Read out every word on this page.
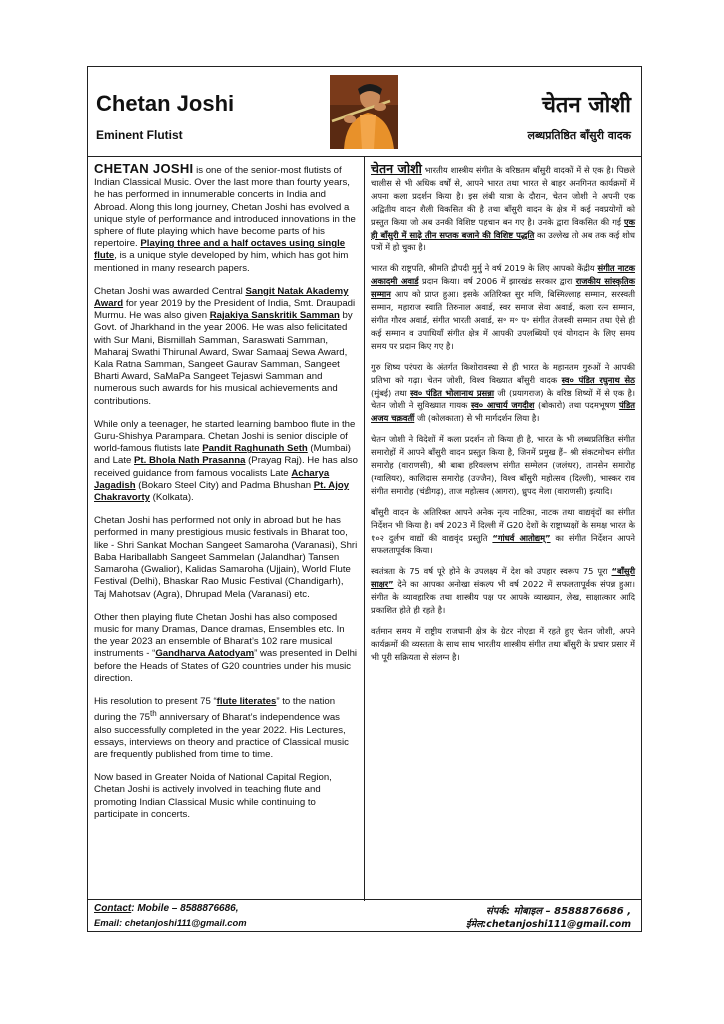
Chetan Joshi
Eminent Flutist
चेतन जोशी
लब्धप्रतिष्ठित बाँसुरी वादक

CHETAN JOSHI is one of the senior-most flutists of Indian Classical Music. Over the last more than fourty years, he has performed in innumerable concerts in India and Abroad. Along this long journey, Chetan Joshi has evolved a unique style of performance and introduced innovations in the sphere of flute playing which have become parts of his repertoire. Playing three and a half octaves using single flute, is a unique style developed by him, which has got him mentioned in many research papers.

Chetan Joshi was awarded Central Sangit Natak Akademy Award for year 2019 by the President of India, Smt. Draupadi Murmu. He was also given Rajakiya Sanskritik Samman by Govt. of Jharkhand in the year 2006. He was also felicitated with Sur Mani, Bismillah Samman, Saraswati Samman, Maharaj Swathi Thirunal Award, Swar Samaaj Sewa Award, Kala Ratna Samman, Sangeet Gaurav Samman, Sangeet Bharti Award, SaMaPa Sangeet Tejaswi Samman and numerous such awards for his musical achievements and contributions.

While only a teenager, he started learning bamboo flute in the Guru-Shishya Parampara. Chetan Joshi is senior disciple of world-famous flutists late Pandit Raghunath Seth (Mumbai) and Late Pt. Bhola Nath Prasanna (Prayag Raj). He has also received guidance from famous vocalists Late Acharya Jagadish (Bokaro Steel City) and Padma Bhushan Pt. Ajoy Chakravorty (Kolkata).

Chetan Joshi has performed not only in abroad but he has performed in many prestigious music festivals in Bharat too, like - Shri Sankat Mochan Sangeet Samaroha (Varanasi), Shri Baba Hariballabh Sangeet Sammelan (Jalandhar) Tansen Samaroha (Gwalior), Kalidas Samaroha (Ujjain), World Flute Festival (Delhi), Bhaskar Rao Music Festival (Chandigarh), Taj Mahotsav (Agra), Dhrupad Mela (Varanasi) etc.

Other then playing flute Chetan Joshi has also composed music for many Dramas, Dance dramas, Ensembles etc. In the year 2023 an ensemble of Bharat’s 102 rare musical instruments - “Gandharva Aatodyam” was presented in Delhi before the Heads of States of G20 countries under his music direction.

His resolution to present 75 “flute literates” to the nation during the 75th anniversary of Bharat’s independence was also successfully completed in the year 2022. His Lectures, essays, interviews on theory and practice of Classical music are frequently published from time to time.

Now based in Greater Noida of National Capital Region, Chetan Joshi is actively involved in teaching flute and promoting Indian Classical Music while continuing to participate in concerts.

चेतन जोशी भारतीय शास्त्रीय संगीत के वरिष्ठतम बाँसुरी वादकों में से एक है। पिछले चालीस से भी अधिक वर्षों से, आपने भारत तथा भारत से बाहर अनगिनत कार्यक्रमों में अपना कला प्रदर्शन किया है। इस लंबी यात्रा के दौरान, चेतन जोशी ने अपनी एक अद्वितीय वादन शैली विकसित की है तथा बाँसुरी वादन के क्षेत्र में कई नवप्रयोगों को प्रस्तुत किया जो अब उनकी विशिष्ट पहचान बन गए है। उनके द्वारा विकसित की गई एक ही बाँसुरी में साढ़े तीन सप्तक बजाने की विशिष्ट पद्धति का उल्लेख तो अब तक कई शोध पत्रों में हो चुका है।

भारत की राष्ट्रपति, श्रीमति द्रौपदी मुर्मु ने वर्ष 2019 के लिए आपको केंद्रीय संगीत नाटक अकादमी अवार्ड प्रदान किया। वर्ष 2006 में झारखंड सरकार द्वारा राजकीय सांस्कृतिक सम्मान आप को प्राप्त हुआ। इसके अतिरिक्त सुर मणि, बिस्मिल्लाह सम्मान, सरस्वती सम्मान, महाराज स्वाति तिरुनाल अवार्ड, स्वर समाज सेवा अवार्ड, कला रत्न सम्मान, संगीत गौरव अवार्ड, संगीत भारती अवार्ड, स॰ म॰ प॰ संगीत तेजस्वी सम्मान तथा ऐसे ही कई सम्मान व उपाधियाँ संगीत क्षेत्र में आपकी उपलब्धियों एवं योगदान के लिए समय समय पर प्रदान किए गए है।

गुरु शिष्य परंपरा के अंतर्गत किशोरावस्था से ही भारत के महानतम गुरुओं ने आपकी प्रतिभा को गढ़ा। चेतन जोशी, विश्व विख्यात बाँसुरी वादक स्व० पंडित रघुनाथ सेठ (मुंबई) तथा स्व० पंडित भोलानाथ प्रसन्ना जी (प्रयागराज) के वरिष्ठ शिष्यों में से एक है। चेतन जोशी ने सुविख्यात गायक स्व० आचार्य जगदीश (बोकारो) तथा पदमभूषण पंडित अजय चक्रवर्ती जी (कोलकाता) से भी मार्गदर्शन लिया है।

चेतन जोशी ने विदेशों में कला प्रदर्शन तो किया ही है, भारत के भी लब्धप्रतिष्ठित संगीत समारोहों में आपने बाँसुरी वादन प्रस्तुत किया है, जिनमें प्रमुख हैं– श्री संकटमोचन संगीत समारोह (वाराणसी), श्री बाबा हरिवल्लभ संगीत सम्मेलन (जलंधर), तानसेन समारोह (ग्वालियर), कालिदास समारोह (उज्जैन), विश्व बाँसुरी महोत्सव (दिल्ली), भास्कर राव संगीत समारोह (चंडीगढ़), ताज महोत्सव (आगरा), ध्रुपद मेला (वाराणसी) इत्यादि।

बाँसुरी वादन के अतिरिक्त आपने अनेक नृत्य नाटिका, नाटक तथा वाद्यवृंदों का संगीत निर्देशन भी किया है। वर्ष 2023 में दिल्ली में G20 देशों के राष्ट्राध्यक्षों के समक्ष भारत के १०२ दुर्लभ वाद्यों की वाद्यवृंद प्रस्तुति “गांधर्व आतोद्यम्” का संगीत निर्देशन आपने सफलतापूर्वक किया।

स्वतंत्रता के 75 वर्ष पूरे होने के उपलक्ष्य में देश को उपहार स्वरूप 75 पूरा “बाँसुरी साक्षर” देने का आपका अनोखा संकल्प भी वर्ष 2022 में सफलतापूर्वक संपन्न हुआ। संगीत के व्यावहारिक तथा शास्त्रीय पक्ष पर आपके व्याख्यान, लेख, साक्षात्कार आदि प्रकाशित होते ही रहते है।

वर्तमान समय में राष्ट्रीय राजधानी क्षेत्र के ग्रेटर नोएडा में रहते हुए चेतन जोशी, अपने कार्यक्रमों की व्यस्तता के साथ साथ भारतीय शास्त्रीय संगीत तथा बाँसुरी के प्रचार प्रसार में भी पूरी सक्रियता से संलग्न है।

Contact: Mobile – 8588876686,
Email: chetanjoshi111@gmail.com
संपर्क: मोबाइल – 8588876686 ,
ईमेल:chetanjoshi111@gmail.com
